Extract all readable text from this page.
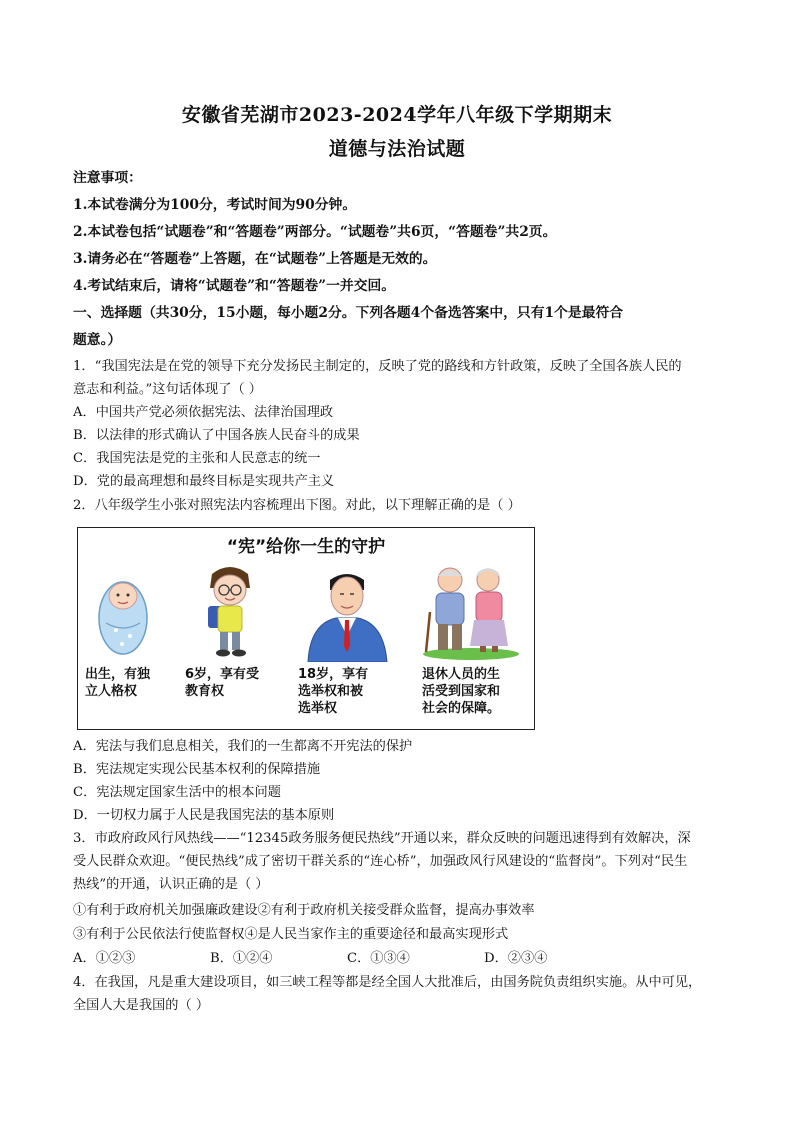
安徽省芜湖市2023-2024学年八年级下学期期末
道德与法治试题
注意事项：
1.本试卷满分为100分，考试时间为90分钟。
2.本试卷包括“试题卷”和“答题卷”两部分。“试题卷”共6页，“答题卷”共2页。
3.请务必在“答题卷”上答题，在“试题卷”上答题是无效的。
4.考试结束后，请将“试题卷”和“答题卷”一并交回。
一、选择题（共30分，15小题，每小题2分。下列各题4个备选答案中，只有1个是最符合
题意。）
1．“我国宪法是在党的领导下充分发扬民主制定的，反映了党的路线和方针政策，反映了全国各族人民的
意志和利益。”这句话体现了（ ）
A．中国共产党必须依据宪法、法律治国理政
B．以法律的形式确认了中国各族人民奋斗的成果
C．我国宪法是党的主张和人民意志的统一
D．党的最高理想和最终目标是实现共产主义
2．八年级学生小张对照宪法内容梳理出下图。对此，以下理解正确的是（ ）
“宪”给你一生的守护
出生，有独
立人格权
6岁，享有受
教育权
18岁，享有
选举权和被
选举权
退休人员的生
活受到国家和
社会的保障。
A．宪法与我们息息相关，我们的一生都离不开宪法的保护
B．宪法规定实现公民基本权利的保障措施
C．宪法规定国家生活中的根本问题
D．一切权力属于人民是我国宪法的基本原则
3．市政府政风行风热线——“12345政务服务便民热线”开通以来，群众反映的问题迅速得到有效解决，深
受人民群众欢迎。“便民热线”成了密切干群关系的“连心桥”，加强政风行风建设的“监督岗”。下列对“民生
热线”的开通，认识正确的是（ ）
①有利于政府机关加强廉政建设②有利于政府机关接受群众监督，提高办事效率
③有利于公民依法行使监督权④是人民当家作主的重要途径和最高实现形式
A．①②③	B．①②④	C．①③④	D．②③④
4．在我国，凡是重大建设项目，如三峡工程等都是经全国人大批准后，由国务院负责组织实施。从中可见，
全国人大是我国的（ ）
